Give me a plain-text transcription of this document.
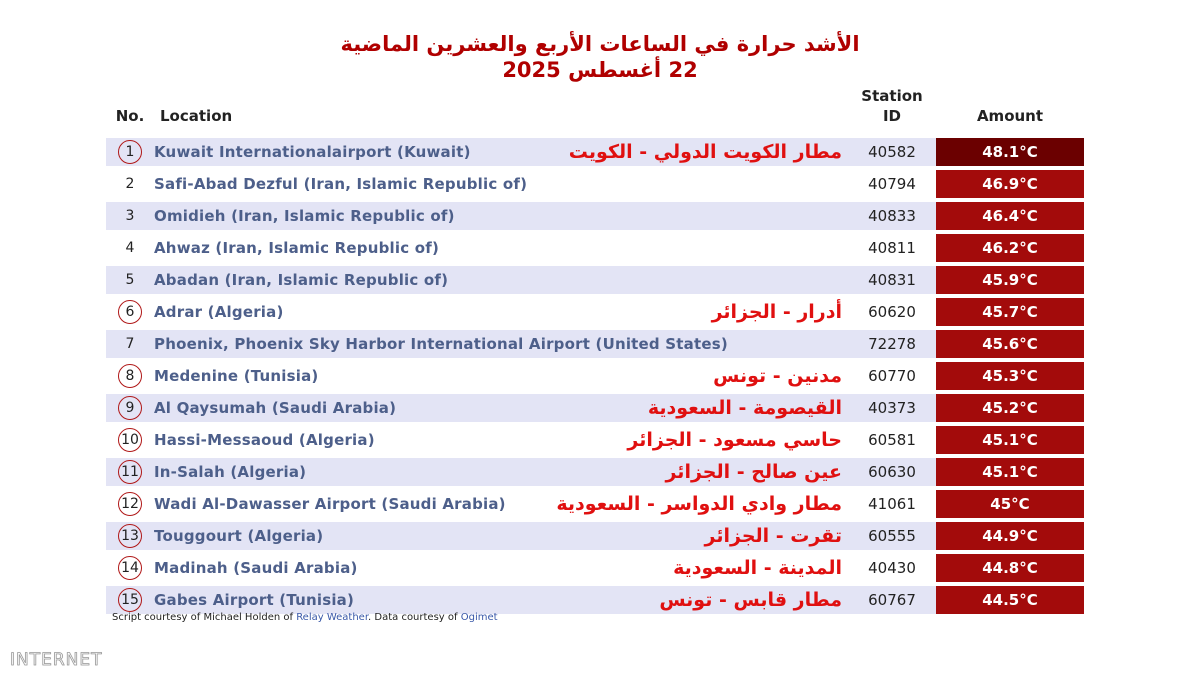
الأشد حرارة في الساعات الأربع والعشرين الماضية
22 أغسطس 2025
No.	Location	Station ID	Amount
1	Kuwait Internationalairport (Kuwait) مطار الكويت الدولي - الكويت	40582	48.1°C
2	Safi-Abad Dezful (Iran, Islamic Republic of)	40794	46.9°C
3	Omidieh (Iran, Islamic Republic of)	40833	46.4°C
4	Ahwaz (Iran, Islamic Republic of)	40811	46.2°C
5	Abadan (Iran, Islamic Republic of)	40831	45.9°C
6	Adrar (Algeria) أدرار - الجزائر	60620	45.7°C
7	Phoenix, Phoenix Sky Harbor International Airport (United States)	72278	45.6°C
8	Medenine (Tunisia) مدنين - تونس	60770	45.3°C
9	Al Qaysumah (Saudi Arabia) القيصومة - السعودية	40373	45.2°C
10	Hassi-Messaoud (Algeria) حاسي مسعود - الجزائر	60581	45.1°C
11	In-Salah (Algeria) عين صالح - الجزائر	60630	45.1°C
12	Wadi Al-Dawasser Airport (Saudi Arabia) مطار وادي الدواسر - السعودية	41061	45°C
13	Touggourt (Algeria) تقرت - الجزائر	60555	44.9°C
14	Madinah (Saudi Arabia) المدينة - السعودية	40430	44.8°C
15	Gabes Airport (Tunisia) مطار قابس - تونس	60767	44.5°C
Script courtesy of Michael Holden of Relay Weather. Data courtesy of Ogimet
INTERNET
